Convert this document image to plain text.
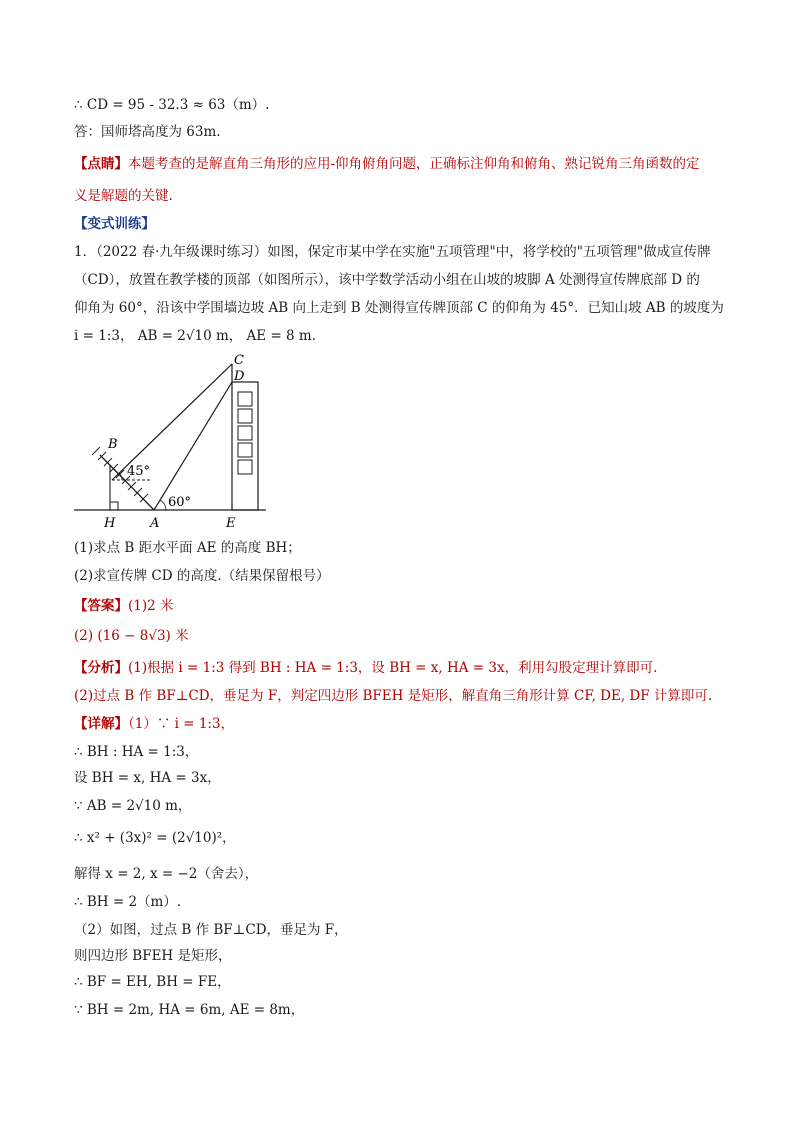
∴ CD = 95 - 32.3 ≈ 63（m）.
答：国师塔高度为 63m.
【点睛】本题考查的是解直角三角形的应用-仰角俯角问题，正确标注仰角和俯角、熟记锐角三角函数的定
义是解题的关键.
【变式训练】
1．（2022 春·九年级课时练习）如图，保定市某中学在实施"五项管理"中，将学校的"五项管理"做成宣传牌
（CD），放置在教学楼的顶部（如图所示），该中学数学活动小组在山坡的坡脚 A 处测得宣传牌底部 D 的
仰角为 60°，沿该中学围墙边坡 AB 向上走到 B 处测得宣传牌顶部 C 的仰角为 45°．已知山坡 AB 的坡度为
i = 1:3， AB = 2√10 m， AE = 8 m．
C
D
B
45°
60°
H	A	E
(1)求点 B 距水平面 AE 的高度 BH；
(2)求宣传牌 CD 的高度.（结果保留根号）
【答案】(1)2 米
(2) (16 − 8√3) 米
【分析】(1)根据 i = 1:3 得到 BH : HA = 1:3，设 BH = x, HA = 3x，利用勾股定理计算即可.
(2)过点 B 作 BF⊥CD，垂足为 F，判定四边形 BFEH 是矩形，解直角三角形计算 CF, DE, DF 计算即可.
【详解】（1）∵ i = 1:3，
∴ BH : HA = 1:3，
设 BH = x, HA = 3x，
∵ AB = 2√10 m，
∴ x² + (3x)² = (2√10)²，
解得 x = 2, x = −2（舍去），
∴ BH = 2（m）.
（2）如图，过点 B 作 BF⊥CD，垂足为 F，
则四边形 BFEH 是矩形，
∴ BF = EH, BH = FE，
∵ BH = 2m, HA = 6m, AE = 8m，
